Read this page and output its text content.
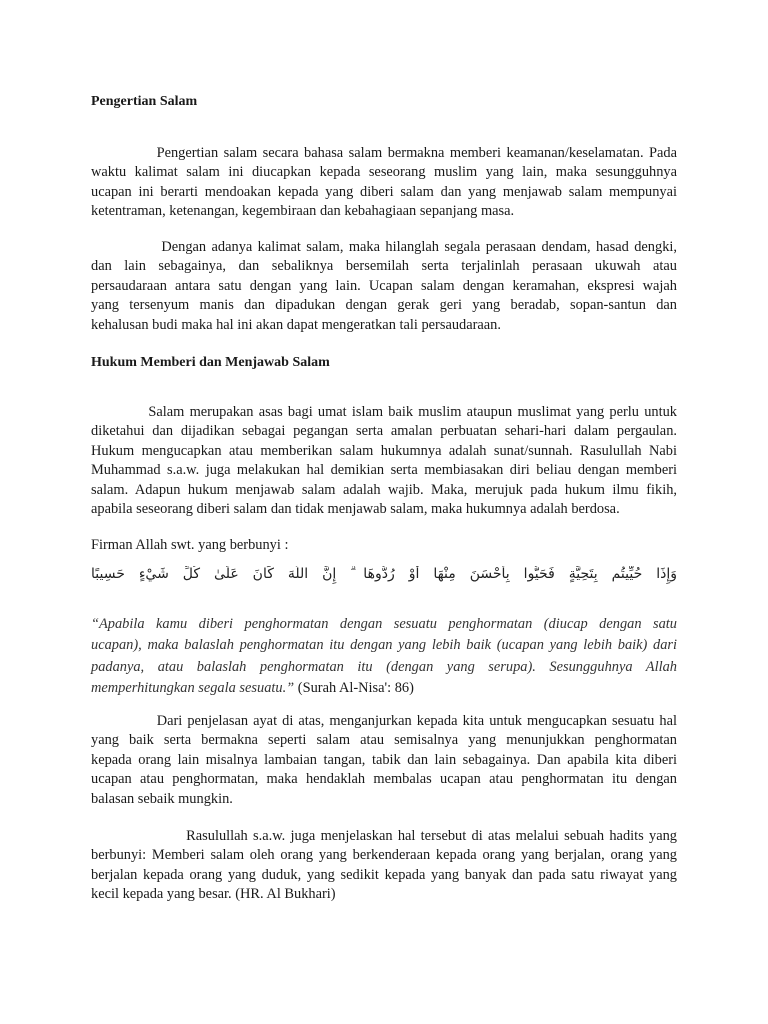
Pengertian Salam
Pengertian salam secara bahasa salam bermakna memberi keamanan/keselamatan. Pada
waktu kalimat salam ini diucapkan kepada seseorang muslim yang lain, maka sesungguhnya
ucapan ini berarti mendoakan kepada yang diberi salam dan yang menjawab salam mempunyai
ketentraman, ketenangan, kegembiraan dan kebahagiaan sepanjang masa.
Dengan adanya kalimat salam, maka hilanglah segala perasaan dendam, hasad dengki,
dan lain sebagainya, dan sebaliknya bersemilah serta terjalinlah perasaan ukuwah atau
persaudaraan antara satu dengan yang lain. Ucapan salam dengan keramahan, ekspresi wajah
yang tersenyum manis dan dipadukan dengan gerak geri yang beradab, sopan-santun dan
kehalusan budi maka hal ini akan dapat mengeratkan tali persaudaraan.
Hukum Memberi dan Menjawab Salam
Salam merupakan asas bagi umat islam baik muslim ataupun muslimat yang perlu untuk
diketahui dan dijadikan sebagai pegangan serta amalan perbuatan sehari-hari dalam pergaulan.
Hukum mengucapkan atau memberikan salam hukumnya adalah sunat/sunnah. Rasulullah Nabi
Muhammad s.a.w. juga melakukan hal demikian serta membiasakan diri beliau dengan memberi
salam. Adapun hukum menjawab salam adalah wajib. Maka, merujuk pada hukum ilmu fikih,
apabila seseorang diberi salam dan tidak menjawab salam, maka hukumnya adalah berdosa.
Firman Allah swt. yang berbunyi :
وَإِذَا حُيِّيتُم بِتَحِيَّةٍ فَحَيُّوا بِأَحْسَنَ مِنْهَا أَوْ رُدُّوهَا ۗ إِنَّ اللَّهَ كَانَ عَلَىٰ كُلِّ شَيْءٍ حَسِيبًا
“Apabila kamu diberi penghormatan dengan sesuatu penghormatan (diucap dengan satu
ucapan), maka balaslah penghormatan itu dengan yang lebih baik (ucapan yang lebih baik) dari
padanya, atau balaslah penghormatan itu (dengan yang serupa). Sesungguhnya Allah
memperhitungkan segala sesuatu.” (Surah Al-Nisa': 86)
Dari penjelasan ayat di atas, menganjurkan kepada kita untuk mengucapkan sesuatu hal
yang baik serta bermakna seperti salam atau semisalnya yang menunjukkan penghormatan
kepada orang lain misalnya lambaian tangan, tabik dan lain sebagainya. Dan apabila kita diberi
ucapan atau penghormatan, maka hendaklah membalas ucapan atau penghormatan itu dengan
balasan sebaik mungkin.
Rasulullah s.a.w. juga menjelaskan hal tersebut di atas melalui sebuah hadits yang
berbunyi: Memberi salam oleh orang yang berkenderaan kepada orang yang berjalan, orang yang
berjalan kepada orang yang duduk, yang sedikit kepada yang banyak dan pada satu riwayat yang
kecil kepada yang besar. (HR. Al Bukhari)
